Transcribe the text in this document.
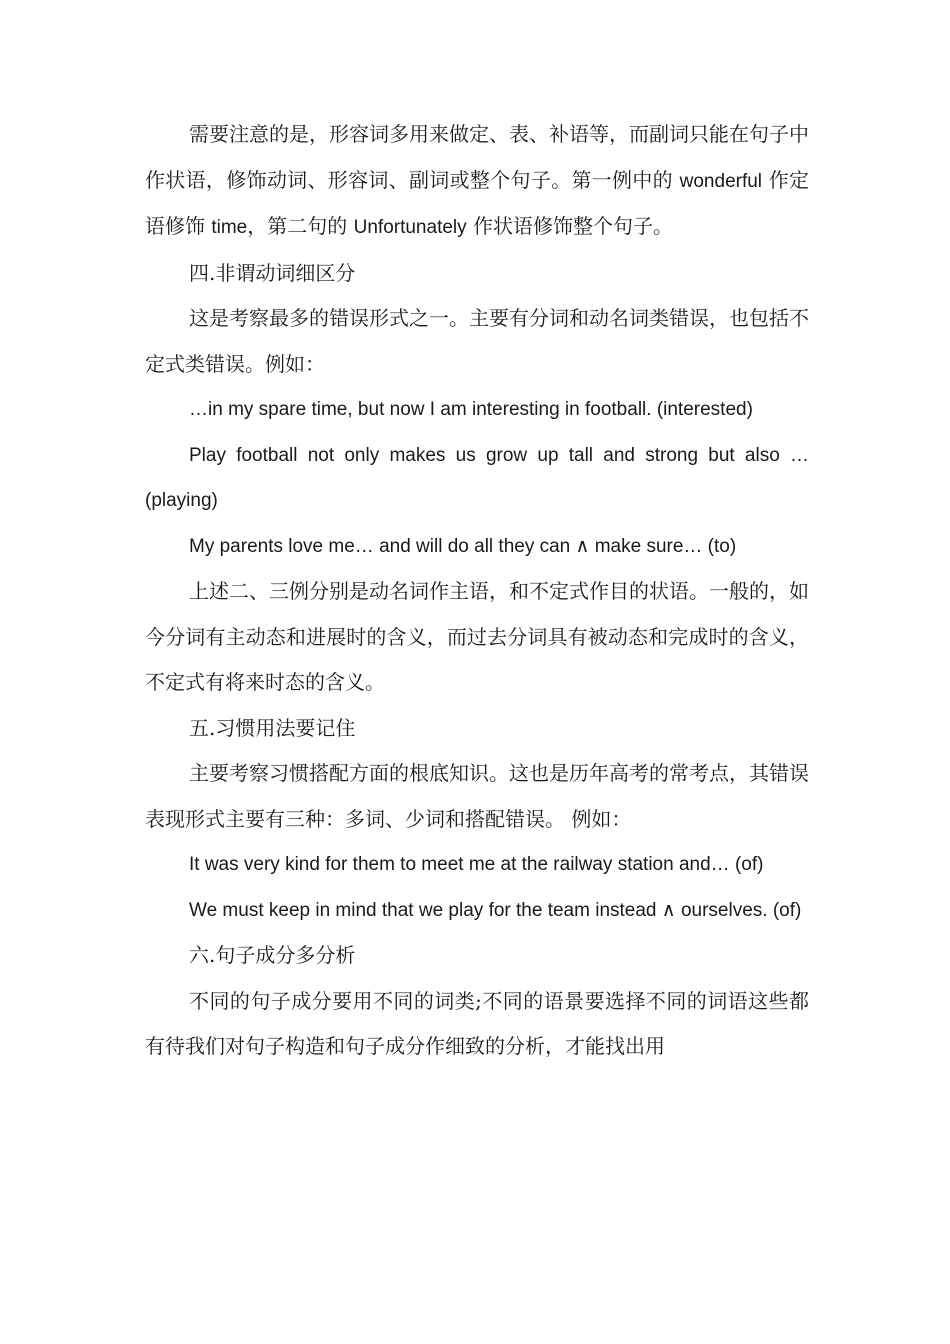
需要注意的是，形容词多用来做定、表、补语等，而副词只能在句子中作状语，修饰动词、形容词、副词或整个句子。第一例中的 wonderful 作定语修饰 time，第二句的 Unfortunately 作状语修饰整个句子。

四.非谓动词细区分

这是考察最多的错误形式之一。主要有分词和动名词类错误，也包括不定式类错误。例如：

…in my spare time, but now I am interesting in football. (interested)

Play football not only makes us grow up tall and strong but also … (playing)

My parents love me… and will do all they can ∧ make sure… (to)

上述二、三例分别是动名词作主语，和不定式作目的状语。一般的，如今分词有主动态和进展时的含义，而过去分词具有被动态和完成时的含义，不定式有将来时态的含义。

五.习惯用法要记住

主要考察习惯搭配方面的根底知识。这也是历年高考的常考点，其错误表现形式主要有三种：多词、少词和搭配错误。 例如：

It was very kind for them to meet me at the railway station and… (of)

We must keep in mind that we play for the team instead ∧ ourselves. (of)

六.句子成分多分析

不同的句子成分要用不同的词类;不同的语景要选择不同的词语这些都有待我们对句子构造和句子成分作细致的分析，才能找出用
